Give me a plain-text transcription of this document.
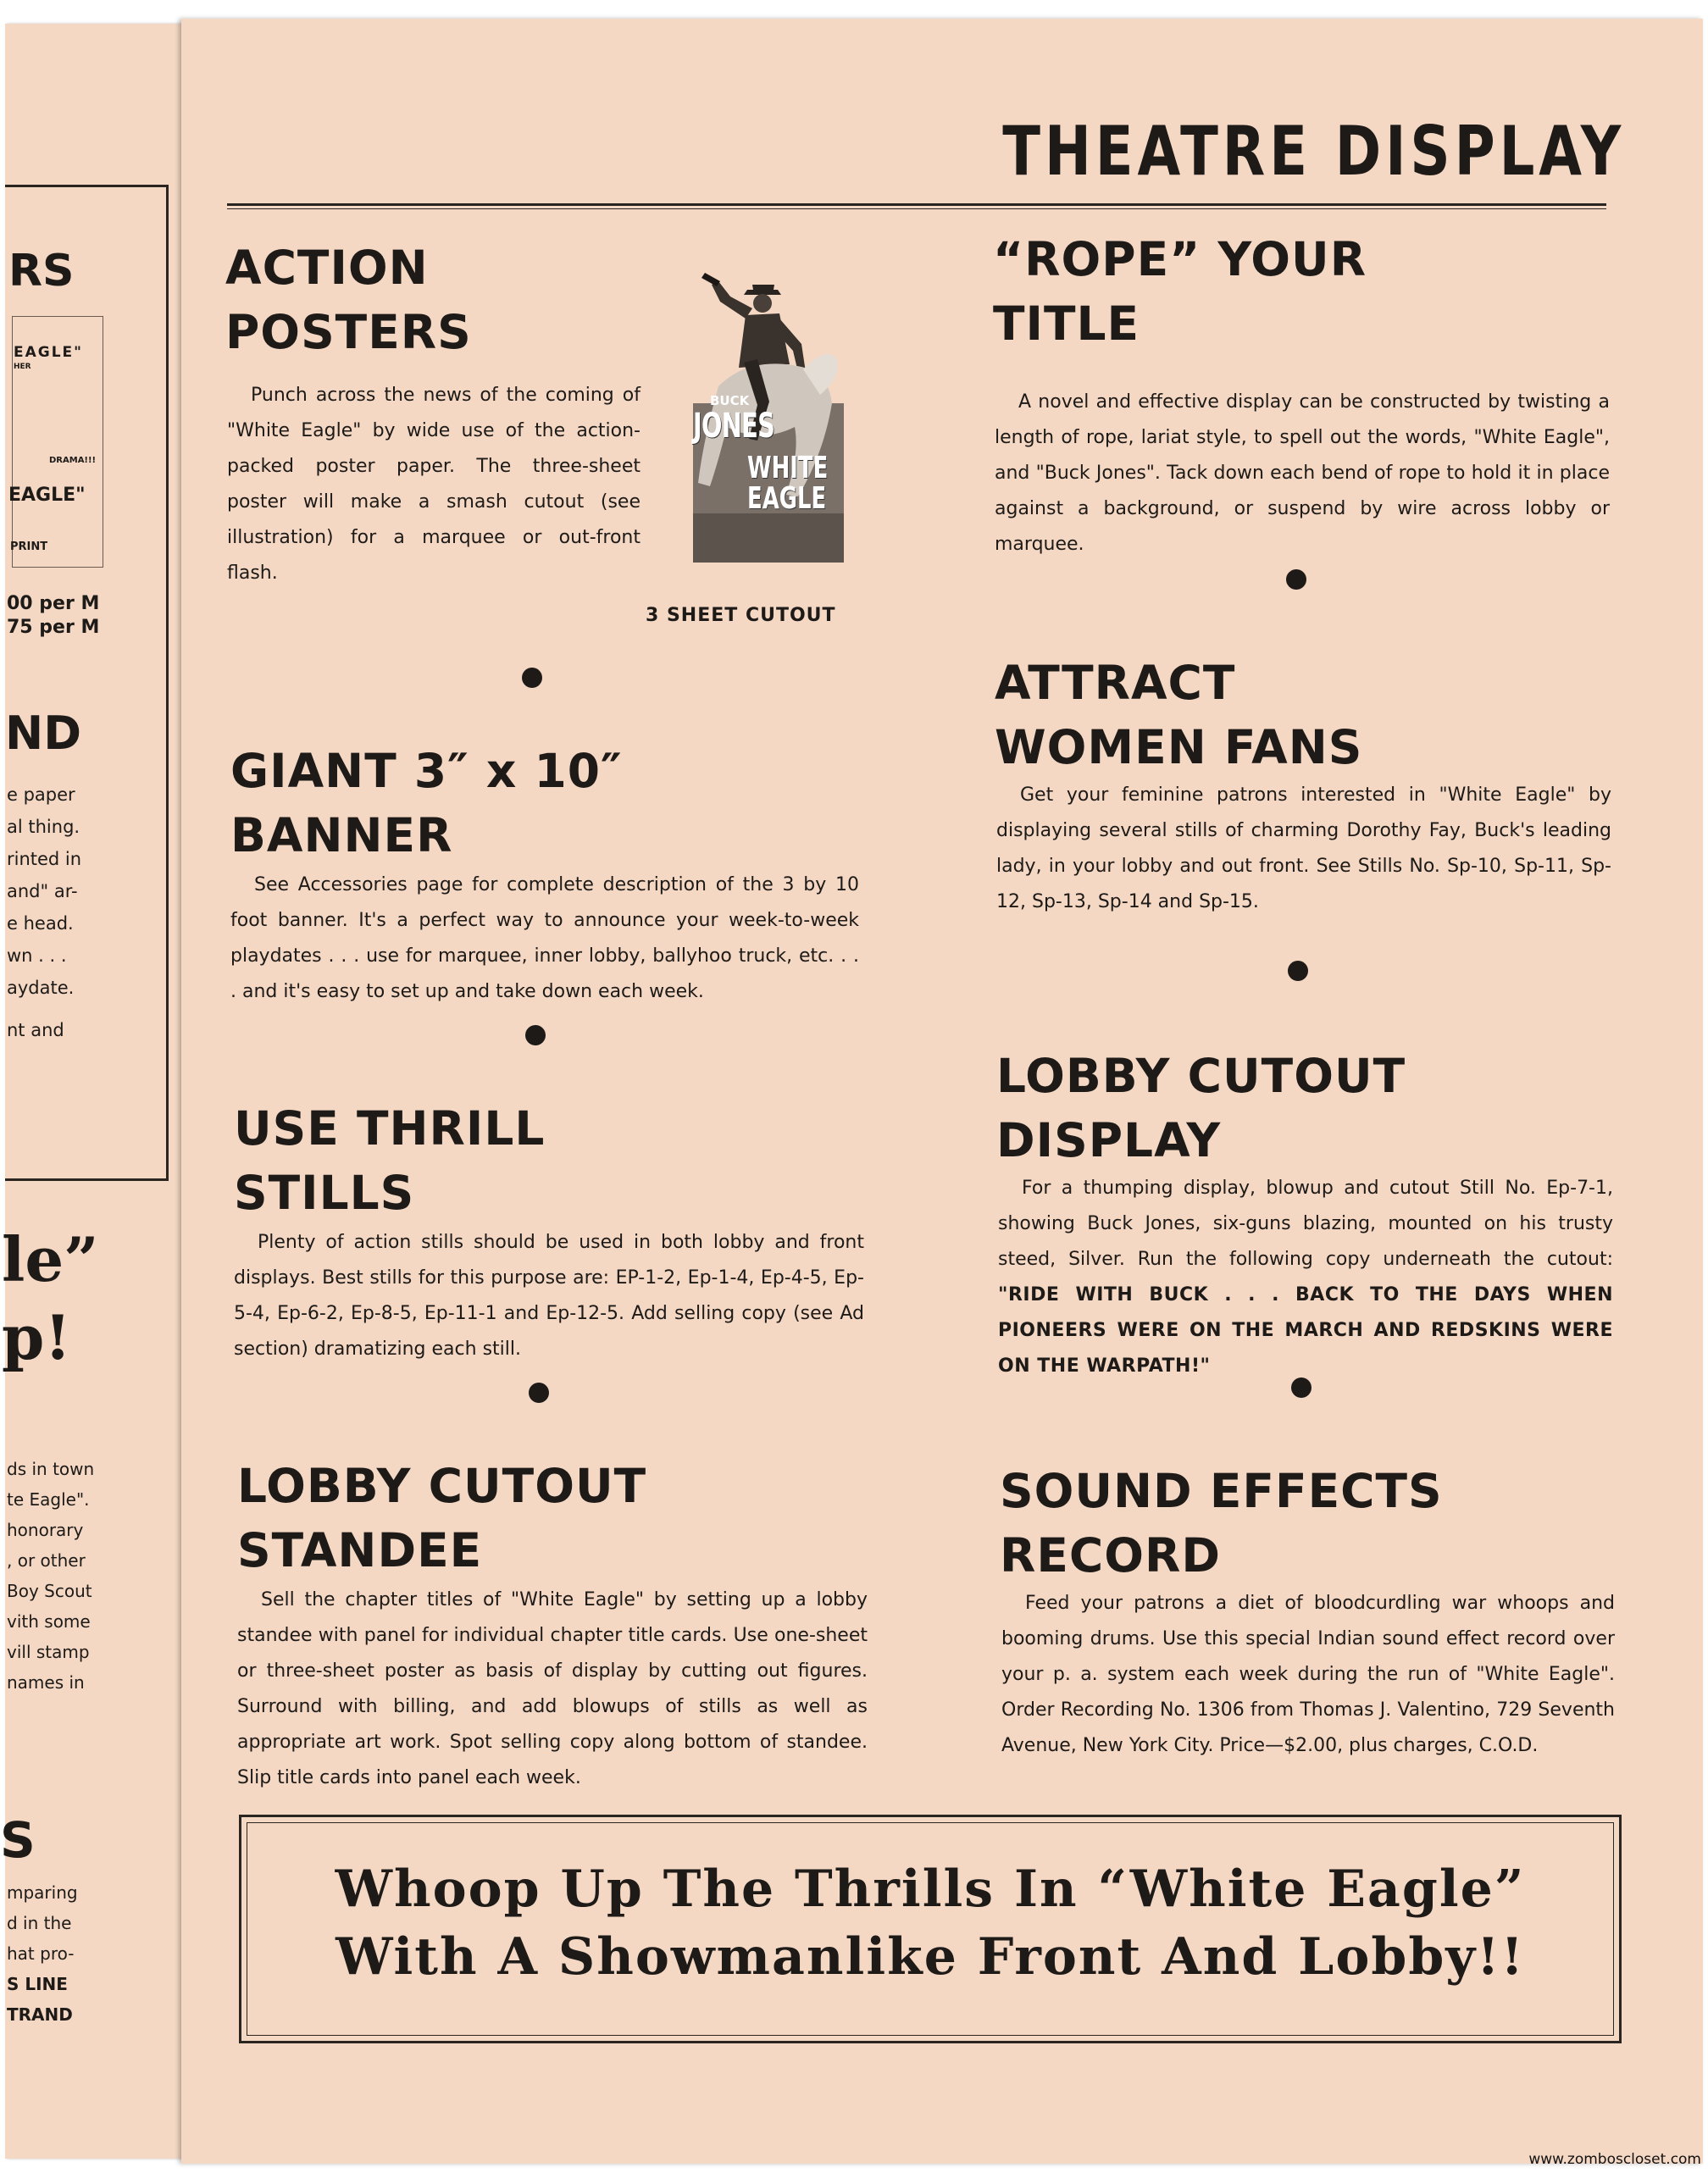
RS
EAGLE"
HER
DRAMA!!!
EAGLE"
PRINT
00 per M
75 per M
ND
e paper
al thing.
rinted in
and" ar-
e head.
wn . . .
aydate.
nt and
le”
p!
ds in town
te Eagle".
honorary
, or other
Boy Scout
vith some
vill stamp
names in
S
mparing
d in the
hat pro-
S LINE
TRAND
THEATRE DISPLAY
ACTION
POSTERS

Punch across the news of the coming of "White Eagle" by wide use of the action-packed poster paper. The three-sheet poster will make a smash cutout (see illustration) for a marquee or out-front flash.

BUCK
JONES
WHITE
EAGLE
3 SHEET CUTOUT
GIANT 3″ x 10″
BANNER

See Accessories page for complete description of the 3 by 10 foot banner. It's a perfect way to announce your week-to-week playdates . . . use for marquee, inner lobby, ballyhoo truck, etc. . . . and it's easy to set up and take down each week.

USE THRILL
STILLS

Plenty of action stills should be used in both lobby and front displays. Best stills for this purpose are: EP-1-2, Ep-1-4, Ep-4-5, Ep-5-4, Ep-6-2, Ep-8-5, Ep-11-1 and Ep-12-5. Add selling copy (see Ad section) dramatizing each still.

LOBBY CUTOUT
STANDEE

Sell the chapter titles of "White Eagle" by setting up a lobby standee with panel for individual chapter title cards. Use one-sheet or three-sheet poster as basis of display by cutting out figures. Surround with billing, and add blowups of stills as well as appropriate art work. Spot selling copy along bottom of standee. Slip title cards into panel each week.

“ROPE” YOUR
TITLE

A novel and effective display can be constructed by twisting a length of rope, lariat style, to spell out the words, "White Eagle", and "Buck Jones". Tack down each bend of rope to hold it in place against a background, or suspend by wire across lobby or marquee.

ATTRACT
WOMEN FANS

Get your feminine patrons interested in "White Eagle" by displaying several stills of charming Dorothy Fay, Buck's leading lady, in your lobby and out front. See Stills No. Sp-10, Sp-11, Sp-12, Sp-13, Sp-14 and Sp-15.

LOBBY CUTOUT
DISPLAY

For a thumping display, blowup and cutout Still No. Ep-7-1, showing Buck Jones, six-guns blazing, mounted on his trusty steed, Silver. Run the following copy underneath the cutout: "RIDE WITH BUCK . . . BACK TO THE DAYS WHEN PIONEERS WERE ON THE MARCH AND REDSKINS WERE ON THE WARPATH!"

SOUND EFFECTS
RECORD

Feed your patrons a diet of bloodcurdling war whoops and booming drums. Use this special Indian sound effect record over your p. a. system each week during the run of "White Eagle". Order Recording No. 1306 from Thomas J. Valentino, 729 Seventh Avenue, New York City. Price—$2.00, plus charges, C.O.D.

Whoop Up The Thrills In “White Eagle”
With A Showmanlike Front And Lobby!!
www.zomboscloset.com
